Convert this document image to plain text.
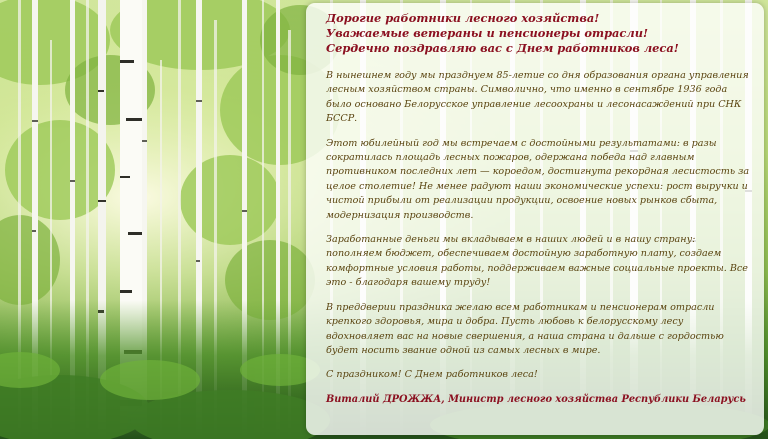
Дорогие работники лесного хозяйства!
Уважаемые ветераны и пенсионеры отрасли!
Сердечно поздравляю вас с Днем работников леса!

В нынешнем году мы празднуем 85-летие со дня образования органа управления лесным хозяйством страны. Символично, что именно в сентябре 1936 года было основано Белорусское управление лесоохраны и лесонасаждений при СНК БССР.

Этот юбилейный год мы встречаем с достойными результатами: в разы сократилась площадь лесных пожаров, одержана победа над главным противником последних лет — короедом, достигнута рекордная лесистость за целое столетие! Не менее радуют наши экономические успехи: рост выручки и чистой прибыли от реализации продукции, освоение новых рынков сбыта, модернизация производств.

Заработанные деньги мы вкладываем в наших людей и в нашу страну: пополняем бюджет, обеспечиваем достойную заработную плату, создаем комфортные условия работы, поддерживаем важные социальные проекты. Все это - благодаря вашему труду!

В преддверии праздника желаю всем работникам и пенсионерам отрасли крепкого здоровья, мира и добра. Пусть любовь к белорусскому лесу вдохновляет вас на новые свершения, а наша страна и дальше с гордостью будет носить звание одной из самых лесных в мире.

С праздником! С Днем работников леса!

Виталий ДРОЖЖА, Министр лесного хозяйства Республики Беларусь
